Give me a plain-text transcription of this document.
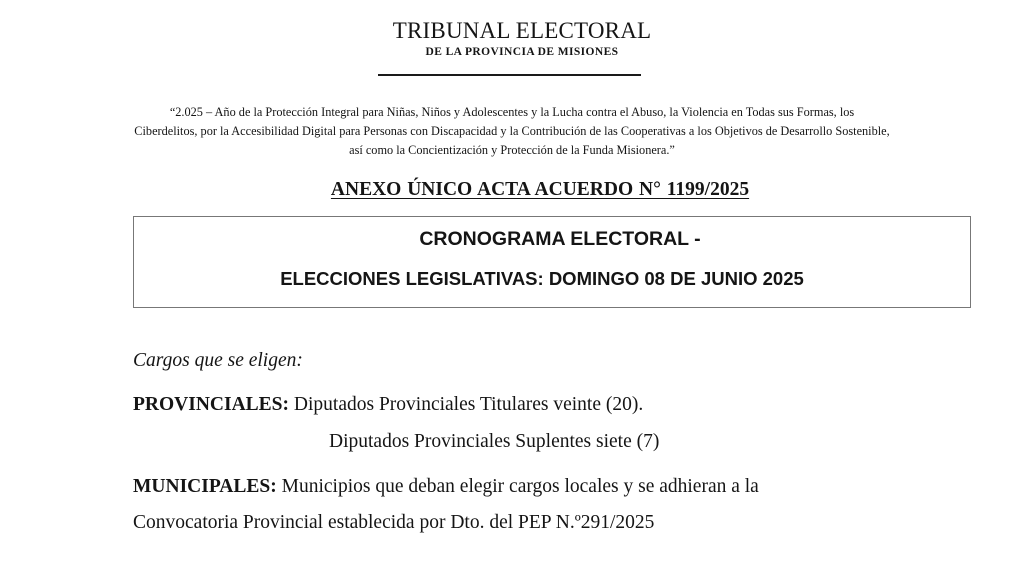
TRIBUNAL ELECTORAL
DE LA PROVINCIA DE MISIONES
“2.025 – Año de la Protección Integral para Niñas, Niños y Adolescentes y la Lucha contra el Abuso, la Violencia en Todas sus Formas, los
Ciberdelitos, por la Accesibilidad Digital para Personas con Discapacidad y la Contribución de las Cooperativas a los Objetivos de Desarrollo Sostenible,
así como la Concientización y Protección de la Funda Misionera.”
ANEXO ÚNICO ACTA ACUERDO N° 1199/2025
CRONOGRAMA ELECTORAL -
ELECCIONES LEGISLATIVAS: DOMINGO 08 DE JUNIO 2025
Cargos que se eligen:
PROVINCIALES: Diputados Provinciales Titulares veinte (20).
Diputados Provinciales Suplentes siete (7)
MUNICIPALES: Municipios que deban elegir cargos locales y se adhieran a la
Convocatoria Provincial establecida por Dto. del PEP N.º291/2025
